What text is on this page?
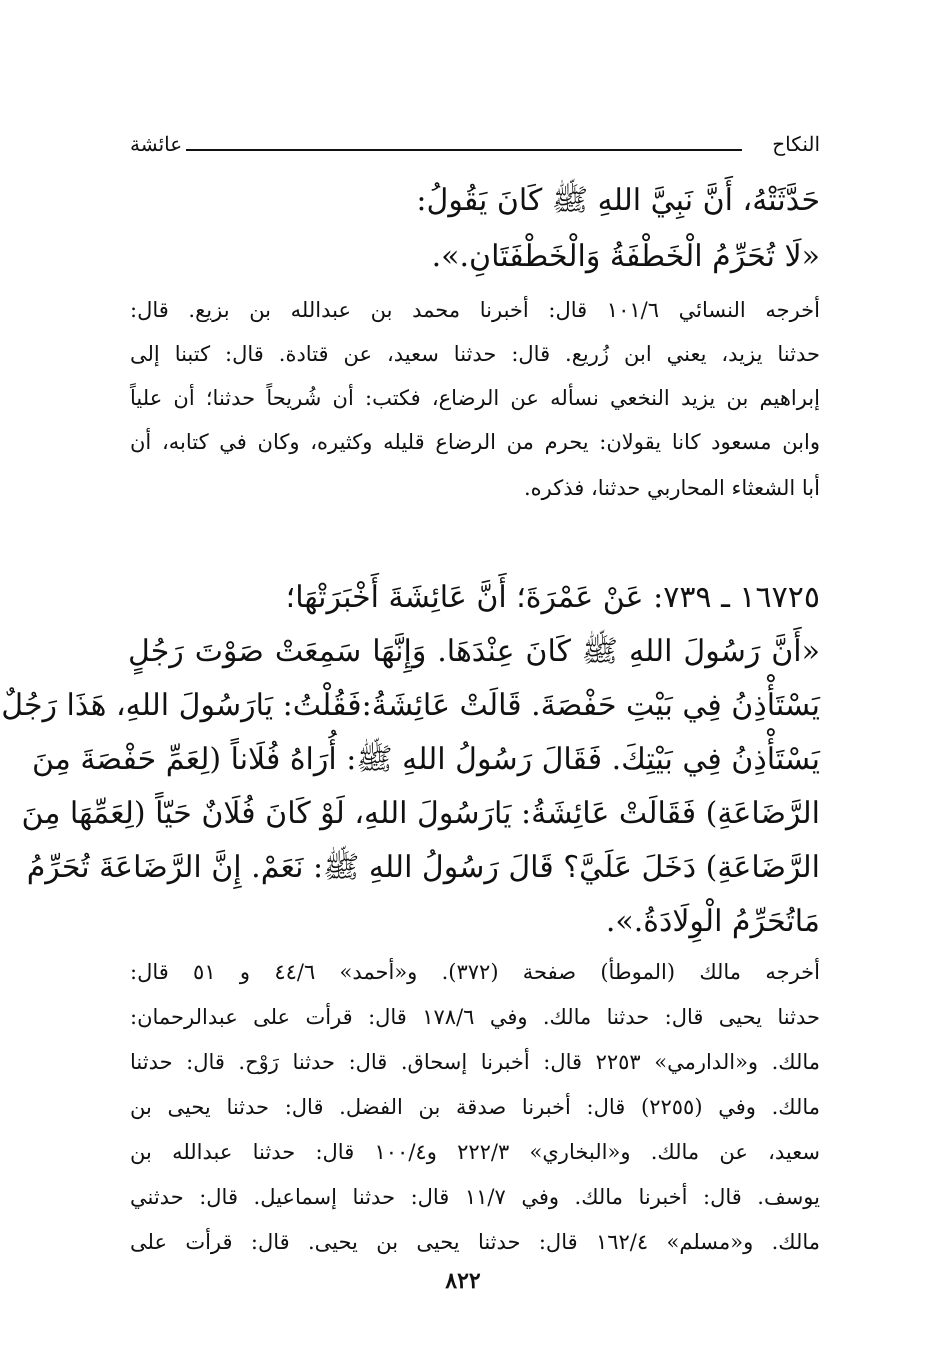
النكاح
عائشة
حَدَّثَتْهُ، أَنَّ نَبِيَّ اللهِ ﷺ كَانَ يَقُولُ:
«لَا تُحَرِّمُ الْخَطْفَةُ وَالْخَطْفَتَانِ.».
أخرجه النسائي ١٠١/٦ قال: أخبرنا محمد بن عبدالله بن بزيع. قال:
حدثنا يزيد، يعني ابن زُريع. قال: حدثنا سعيد، عن قتادة. قال: كتبنا إلى
إبراهيم بن يزيد النخعي نسأله عن الرضاع، فكتب: أن شُريحاً حدثنا؛ أن علياً
وابن مسعود كانا يقولان: يحرم من الرضاع قليله وكثيره، وكان في كتابه، أن
أبا الشعثاء المحاربي حدثنا، فذكره.
١٦٧٢٥ ـ ٧٣٩: عَنْ عَمْرَةَ؛ أَنَّ عَائِشَةَ أَخْبَرَتْهَا؛
«أَنَّ رَسُولَ اللهِ ﷺ كَانَ عِنْدَهَا. وَإِنَّهَا سَمِعَتْ صَوْتَ رَجُلٍ
يَسْتَأْذِنُ فِي بَيْتِ حَفْصَةَ. قَالَتْ عَائِشَةُ:فَقُلْتُ: يَارَسُولَ اللهِ، هَذَا رَجُلٌ
يَسْتَأْذِنُ فِي بَيْتِكَ. فَقَالَ رَسُولُ اللهِ ﷺ: أُرَاهُ فُلَاناً (لِعَمِّ حَفْصَةَ مِنَ
الرَّضَاعَةِ) فَقَالَتْ عَائِشَةُ: يَارَسُولَ اللهِ، لَوْ كَانَ فُلَانٌ حَيّاً (لِعَمِّهَا مِنَ
الرَّضَاعَةِ) دَخَلَ عَلَيَّ؟ قَالَ رَسُولُ اللهِ ﷺ: نَعَمْ. إِنَّ الرَّضَاعَةَ تُحَرِّمُ
مَاتُحَرِّمُ الْوِلَادَةُ.».
أخرجه مالك (الموطأ) صفحة (٣٧٢). و«أحمد» ٤٤/٦ و ٥١ قال:
حدثنا يحيى قال: حدثنا مالك. وفي ١٧٨/٦ قال: قرأت على عبدالرحمان:
مالك. و«الدارمي» ٢٢٥٣ قال: أخبرنا إسحاق. قال: حدثنا رَوْح. قال: حدثنا
مالك. وفي (٢٢٥٥) قال: أخبرنا صدقة بن الفضل. قال: حدثنا يحيى بن
سعيد، عن مالك. و«البخاري» ٢٢٢/٣ و١٠٠/٤ قال: حدثنا عبدالله بن
يوسف. قال: أخبرنا مالك. وفي ١١/٧ قال: حدثنا إسماعيل. قال: حدثني
مالك. و«مسلم» ١٦٢/٤ قال: حدثنا يحيى بن يحيى. قال: قرأت على
٨٢٢
